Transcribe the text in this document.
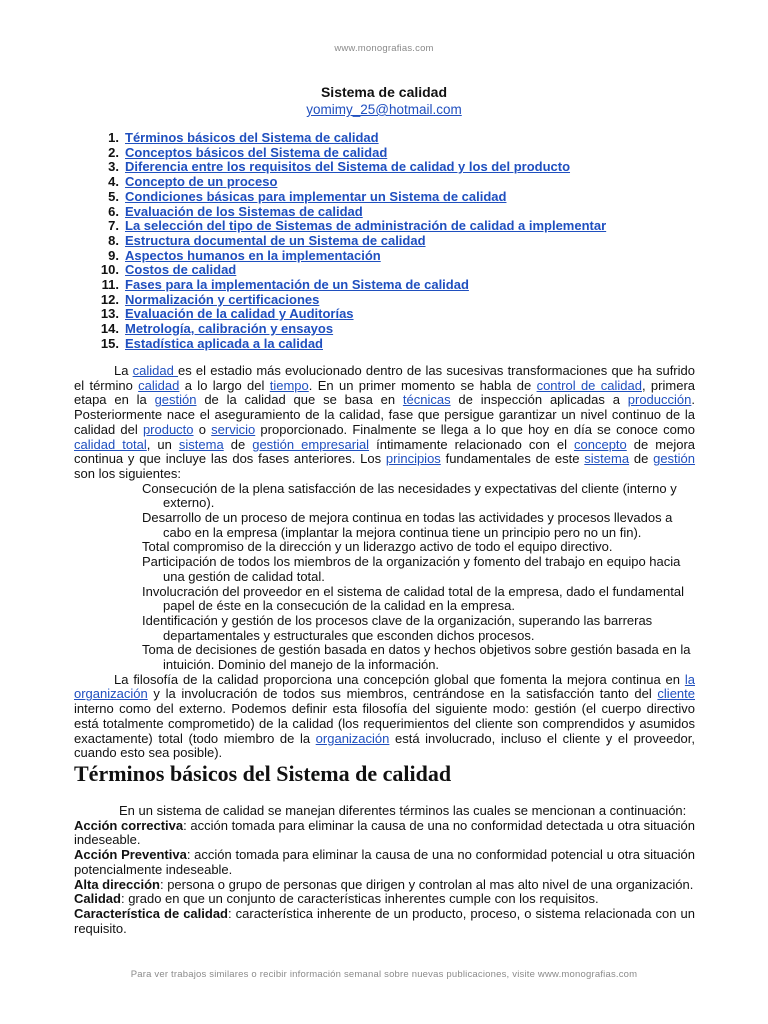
www.monografias.com
Sistema de calidad
yomimy_25@hotmail.com
1. Términos básicos del Sistema de calidad
2. Conceptos básicos del Sistema de calidad
3. Diferencia entre los requisitos del Sistema de calidad y los del producto
4. Concepto de un proceso
5. Condiciones básicas para implementar un Sistema de calidad
6. Evaluación de los Sistemas de calidad
7. La selección del tipo de Sistemas de administración de calidad a implementar
8. Estructura documental de un Sistema de calidad
9. Aspectos humanos en la implementación
10. Costos de calidad
11. Fases para la implementación de un Sistema de calidad
12. Normalización y certificaciones
13. Evaluación de la calidad y Auditorías
14. Metrología, calibración y ensayos
15. Estadística aplicada a la calidad

La calidad es el estadio más evolucionado dentro de las sucesivas transformaciones que ha sufrido el término calidad a lo largo del tiempo. En un primer momento se habla de control de calidad, primera etapa en la gestión de la calidad que se basa en técnicas de inspección aplicadas a producción. Posteriormente nace el aseguramiento de la calidad, fase que persigue garantizar un nivel continuo de la calidad del producto o servicio proporcionado. Finalmente se llega a lo que hoy en día se conoce como calidad total, un sistema de gestión empresarial íntimamente relacionado con el concepto de mejora continua y que incluye las dos fases anteriores. Los principios fundamentales de este sistema de gestión son los siguientes:

Consecución de la plena satisfacción de las necesidades y expectativas del cliente (interno y externo).

Desarrollo de un proceso de mejora continua en todas las actividades y procesos llevados a cabo en la empresa (implantar la mejora continua tiene un principio pero no un fin).

Total compromiso de la dirección y un liderazgo activo de todo el equipo directivo.

Participación de todos los miembros de la organización y fomento del trabajo en equipo hacia una gestión de calidad total.

Involucración del proveedor en el sistema de calidad total de la empresa, dado el fundamental papel de éste en la consecución de la calidad en la empresa.

Identificación y gestión de los procesos clave de la organización, superando las barreras departamentales y estructurales que esconden dichos procesos.

Toma de decisiones de gestión basada en datos y hechos objetivos sobre gestión basada en la intuición. Dominio del manejo de la información.

La filosofía de la calidad proporciona una concepción global que fomenta la mejora continua en la organización y la involucración de todos sus miembros, centrándose en la satisfacción tanto del cliente interno como del externo. Podemos definir esta filosofía del siguiente modo: gestión (el cuerpo directivo está totalmente comprometido) de la calidad (los requerimientos del cliente son comprendidos y asumidos exactamente) total (todo miembro de la organización está involucrado, incluso el cliente y el proveedor, cuando esto sea posible).

Términos básicos del Sistema de calidad

En un sistema de calidad se manejan diferentes términos las cuales se mencionan a continuación:

Acción correctiva: acción tomada para eliminar la causa de una no conformidad detectada u otra situación indeseable.

Acción Preventiva: acción tomada para eliminar la causa de una no conformidad potencial u otra situación potencialmente indeseable.

Alta dirección: persona o grupo de personas que dirigen y controlan al mas alto nivel de una organización.

Calidad: grado en que un conjunto de características inherentes cumple con los requisitos.

Característica de calidad: característica inherente de un producto, proceso, o sistema relacionada con un requisito.

Para ver trabajos similares o recibir información semanal sobre nuevas publicaciones, visite www.monografias.com
